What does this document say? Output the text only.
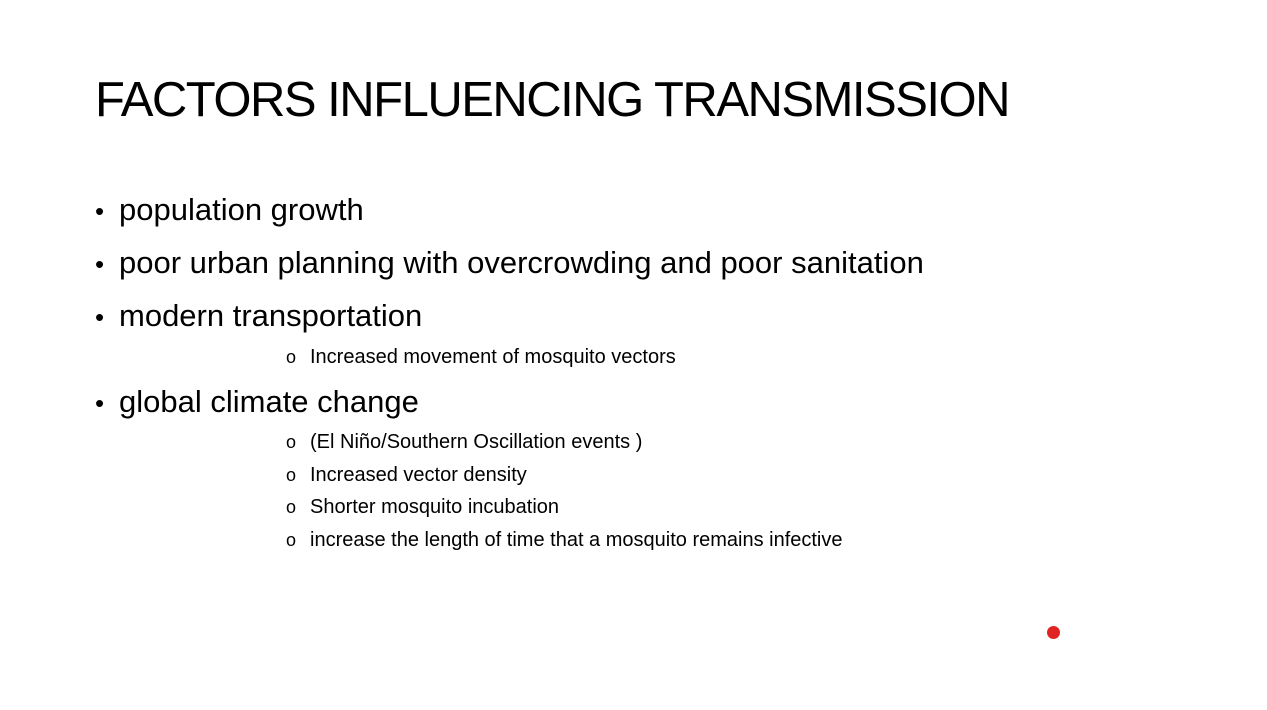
FACTORS INFLUENCING TRANSMISSION
• population growth
• poor urban planning with overcrowding and poor sanitation
• modern transportation
o Increased movement of mosquito vectors
• global climate change
o (El Niño/Southern Oscillation events )
o Increased vector density
o Shorter mosquito incubation
o increase the length of time that a mosquito remains infective
